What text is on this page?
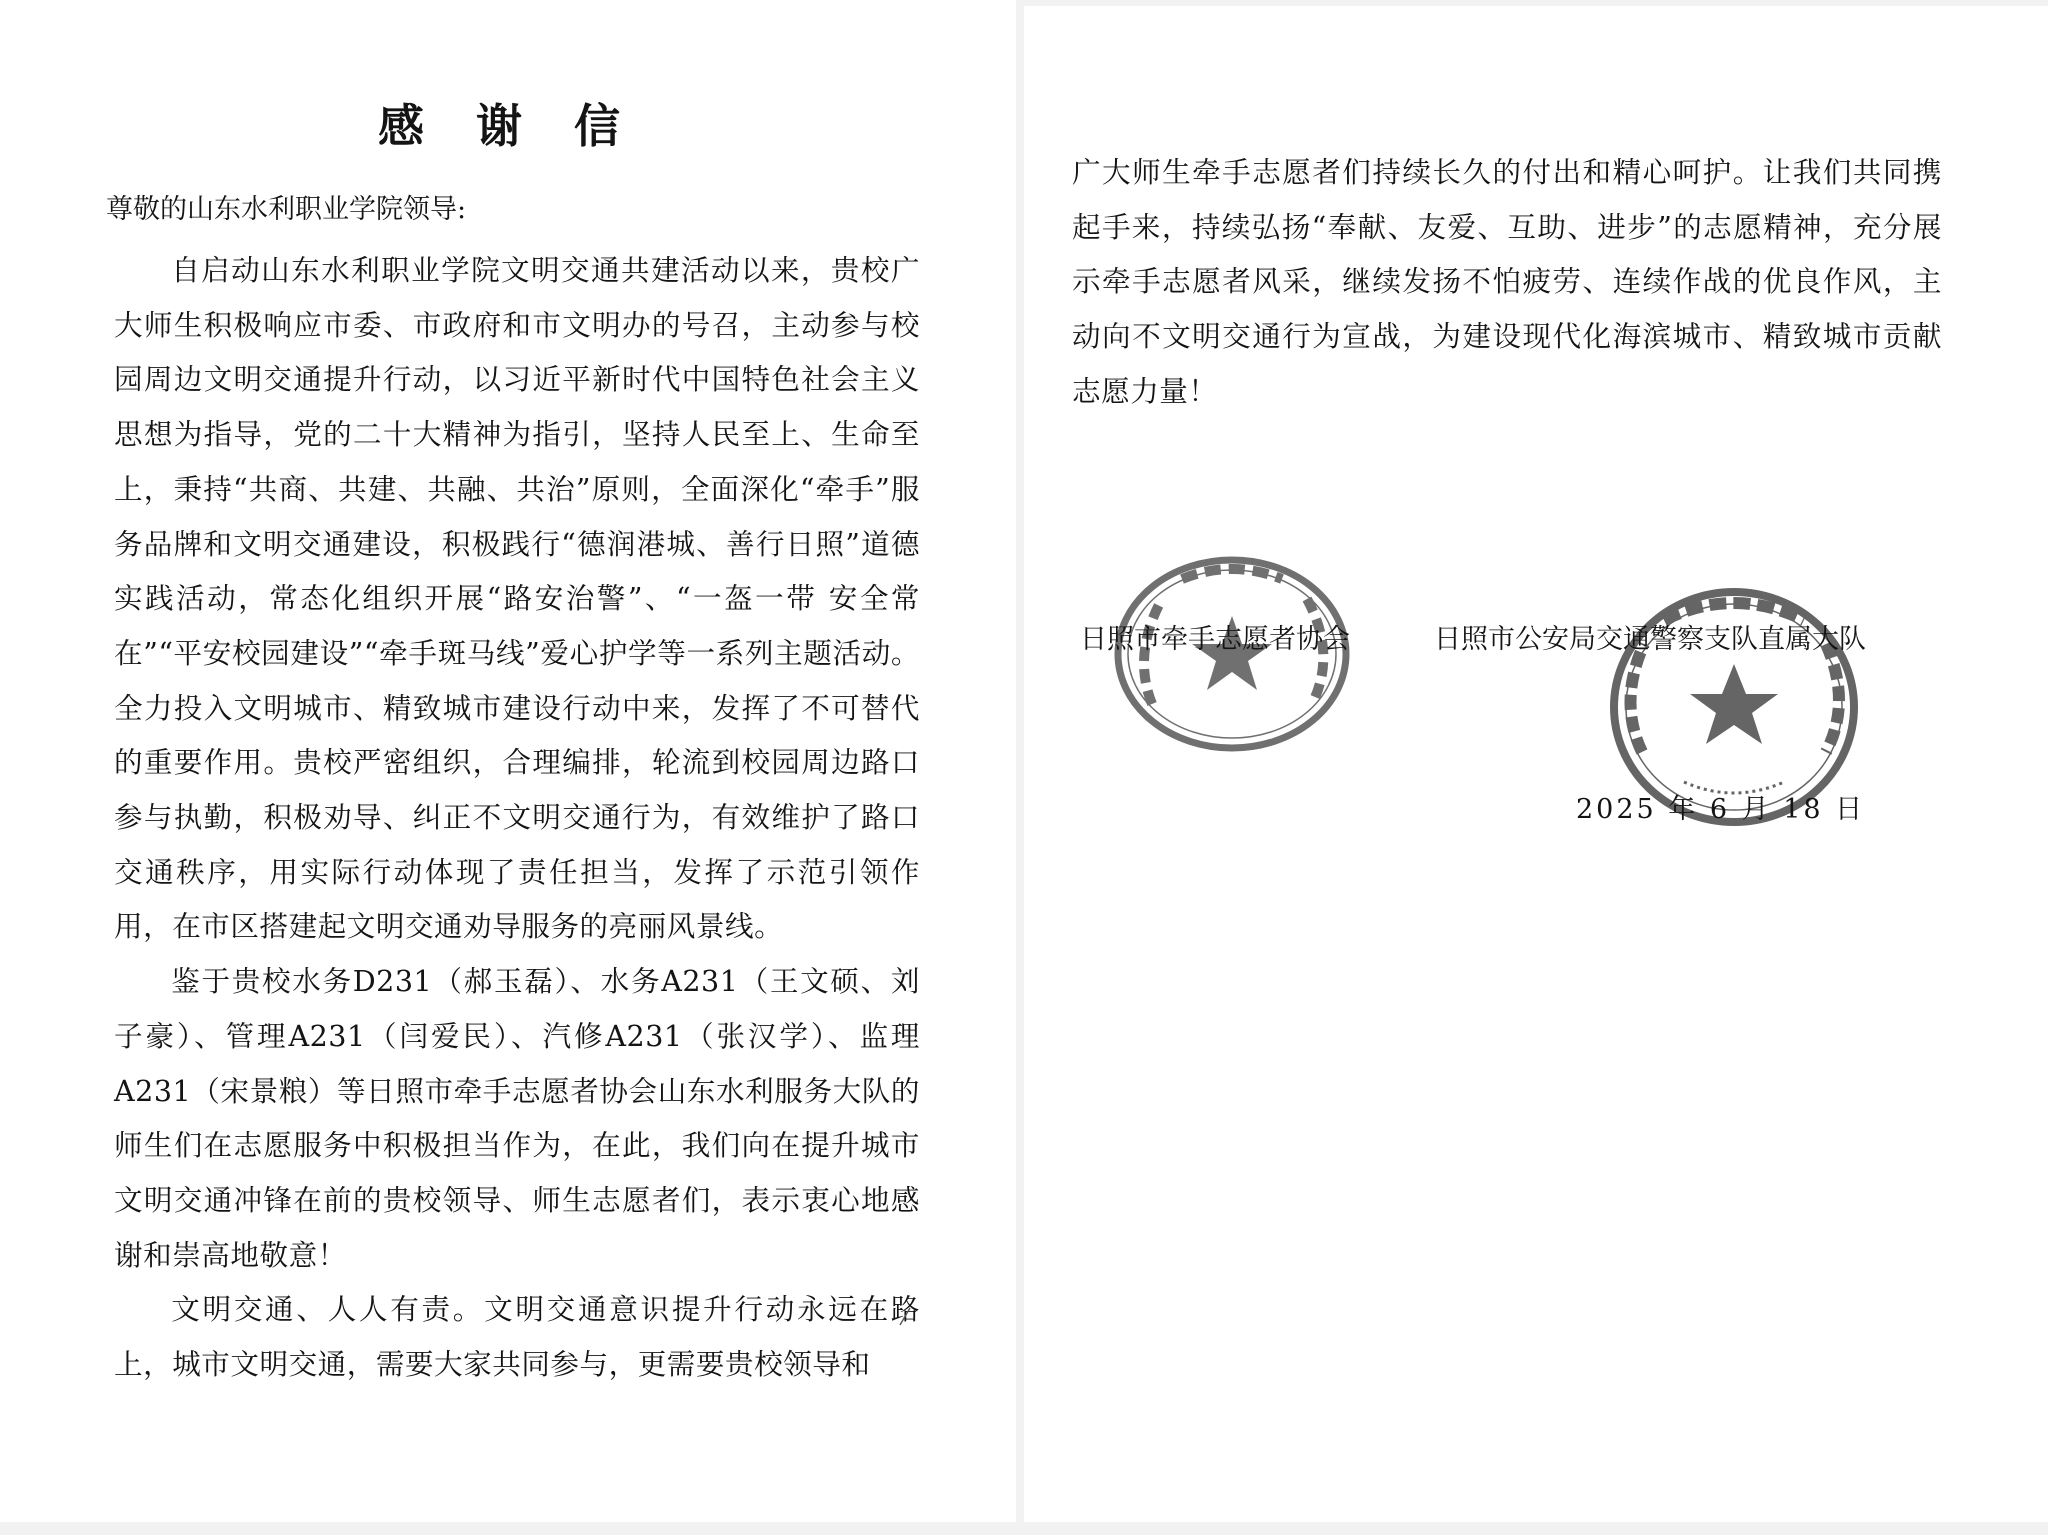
感 谢 信
尊敬的山东水利职业学院领导:

自启动山东水利职业学院文明交通共建活动以来，贵校广大师生积极响应市委、市政府和市文明办的号召，主动参与校园周边文明交通提升行动，以习近平新时代中国特色社会主义思想为指导，党的二十大精神为指引，坚持人民至上、生命至上，秉持“共商、共建、共融、共治”原则，全面深化“牵手”服务品牌和文明交通建设，积极践行“德润港城、善行日照”道德实践活动，常态化组织开展“路安治警”、“一盔一带 安全常在”“平安校园建设”“牵手斑马线”爱心护学等一系列主题活动。全力投入文明城市、精致城市建设行动中来，发挥了不可替代的重要作用。贵校严密组织，合理编排，轮流到校园周边路口参与执勤，积极劝导、纠正不文明交通行为，有效维护了路口交通秩序，用实际行动体现了责任担当，发挥了示范引领作用，在市区搭建起文明交通劝导服务的亮丽风景线。

鉴于贵校水务D231（郝玉磊）、水务A231（王文硕、刘子豪）、管理A231（闫爱民）、汽修A231（张汉学）、监理A231（宋景粮）等日照市牵手志愿者协会山东水利服务大队的师生们在志愿服务中积极担当作为，在此，我们向在提升城市文明交通冲锋在前的贵校领导、师生志愿者们，表示衷心地感谢和崇高地敬意！

文明交通、人人有责。文明交通意识提升行动永远在路上，城市文明交通，需要大家共同参与，更需要贵校领导和

广大师生牵手志愿者们持续长久的付出和精心呵护。让我们共同携起手来，持续弘扬“奉献、友爱、互助、进步”的志愿精神，充分展示牵手志愿者风采，继续发扬不怕疲劳、连续作战的优良作风，主动向不文明交通行为宣战，为建设现代化海滨城市、精致城市贡献志愿力量！

日照市牵手志愿者协会	日照市公安局交通警察支队直属大队
2025 年 6 月 18 日
